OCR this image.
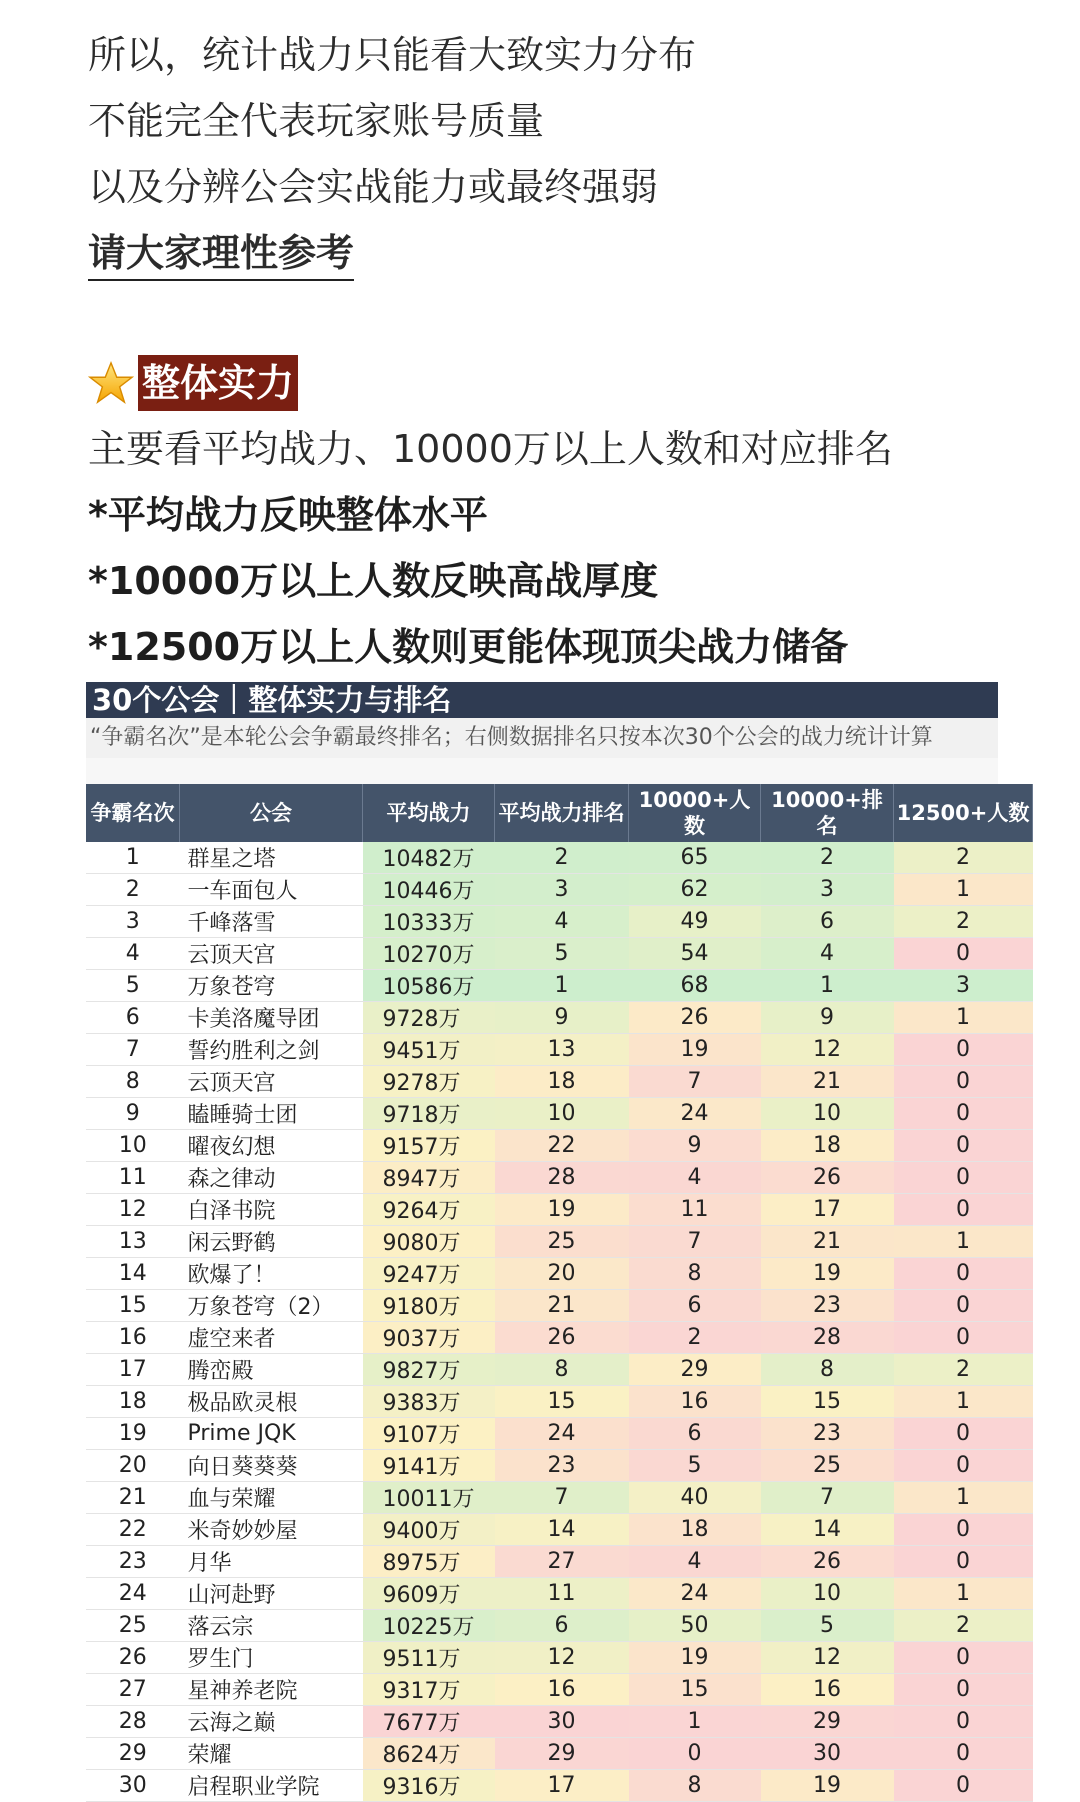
所以，统计战力只能看大致实力分布
不能完全代表玩家账号质量
以及分辨公会实战能力或最终强弱
请大家理性参考
整体实力
主要看平均战力、10000万以上人数和对应排名
*平均战力反映整体水平
*10000万以上人数反映高战厚度
*12500万以上人数则更能体现顶尖战力储备
30个公会｜整体实力与排名
“争霸名次”是本轮公会争霸最终排名；右侧数据排名只按本次30个公会的战力统计计算
争霸名次	公会	平均战力	平均战力排名	10000+人数	10000+排名	12500+人数
1	群星之塔	10482万	2	65	2	2
2	一车面包人	10446万	3	62	3	1
3	千峰落雪	10333万	4	49	6	2
4	云顶天宫	10270万	5	54	4	0
5	万象苍穹	10586万	1	68	1	3
6	卡美洛魔导团	9728万	9	26	9	1
7	誓约胜利之剑	9451万	13	19	12	0
8	云顶天宫	9278万	18	7	21	0
9	瞌睡骑士团	9718万	10	24	10	0
10	曜夜幻想	9157万	22	9	18	0
11	森之律动	8947万	28	4	26	0
12	白泽书院	9264万	19	11	17	0
13	闲云野鹤	9080万	25	7	21	1
14	欧爆了！	9247万	20	8	19	0
15	万象苍穹（2）	9180万	21	6	23	0
16	虚空来者	9037万	26	2	28	0
17	腾峦殿	9827万	8	29	8	2
18	极品欧灵根	9383万	15	16	15	1
19	Prime JQK	9107万	24	6	23	0
20	向日葵葵葵	9141万	23	5	25	0
21	血与荣耀	10011万	7	40	7	1
22	米奇妙妙屋	9400万	14	18	14	0
23	月华	8975万	27	4	26	0
24	山河赴野	9609万	11	24	10	1
25	落云宗	10225万	6	50	5	2
26	罗生门	9511万	12	19	12	0
27	星神养老院	9317万	16	15	16	0
28	云海之巅	7677万	30	1	29	0
29	荣耀	8624万	29	0	30	0
30	启程职业学院	9316万	17	8	19	0
